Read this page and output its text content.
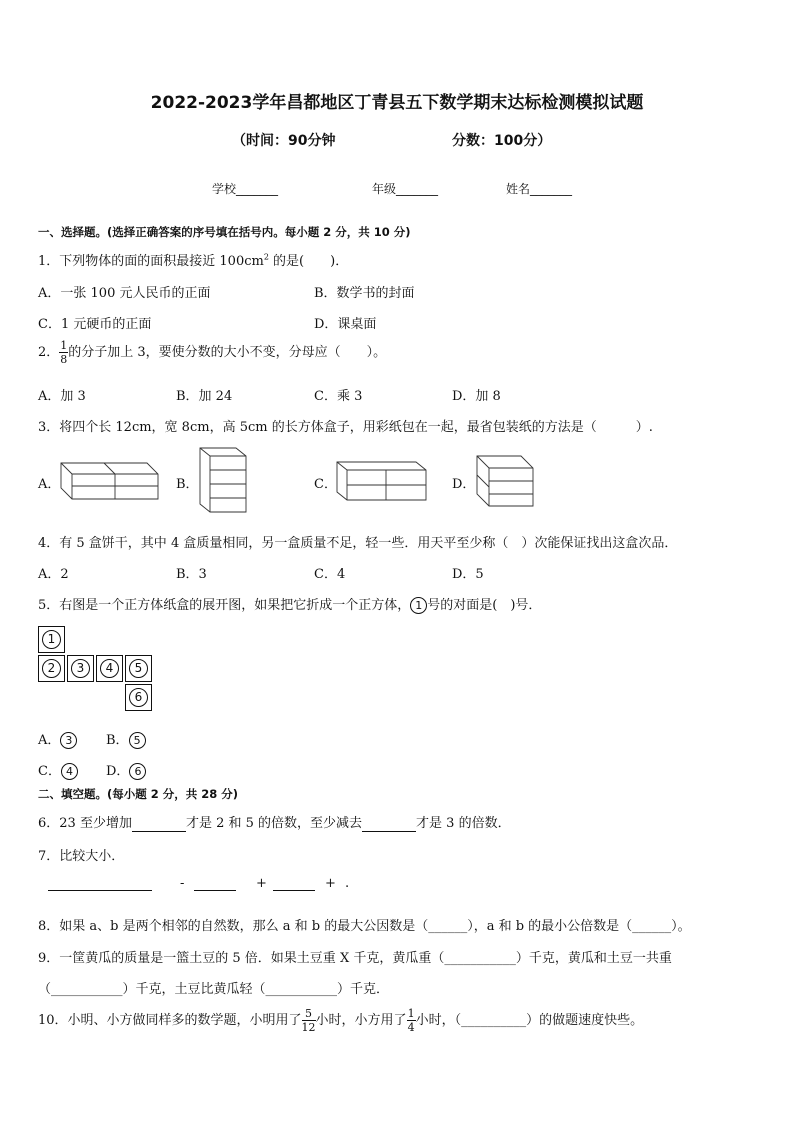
2022-2023学年昌都地区丁青县五下数学期末达标检测模拟试题
（时间：90分钟	分数：100分）
学校_______	年级_______	姓名_______
一、选择题。(选择正确答案的序号填在括号内。每小题 2 分，共 10 分)
1．下列物体的面的面积最接近 $100cm^2$ 的是(　　)．
A．一张 100 元人民币的正面	B．数学书的封面
C．1 元硬币的正面	D．课桌面
2． $\frac{1}{8}$ 的分子加上 3，要使分数的大小不变，分母应（　　）。
A．加 3	B．加 24	C．乘 3	D．加 8
3．将四个长 12cm，宽 8cm，高 5cm 的长方体盒子，用彩纸包在一起，最省包装纸的方法是（　　　）.
A．	B．	C．	D．
4．有 5 盒饼干，其中 4 盒质量相同，另一盒质量不足，轻一些．用天平至少称（　）次能保证找出这盒次品．
A．2	B．3	C．4	D．5
5．右图是一个正方体纸盒的展开图，如果把它折成一个正方体， 1 号的对面是(　)号．
1
2	3	4	5
6
A． 3	B． 5
C． 4	D． 6
二、填空题。(每小题 2 分，共 28 分)
6．23 至少增加	才是 2 和 5 的倍数，至少减去	才是 3 的倍数．
7．比较大小．
-	+	+ .
8．如果 a、b 是两个相邻的自然数，那么 a 和 b 的最大公因数是（______），a 和 b 的最小公倍数是（______）。
9．一筐黄瓜的质量是一篮土豆的 5 倍．如果土豆重 X 千克，黄瓜重（___________）千克，黄瓜和土豆一共重
（___________）千克，土豆比黄瓜轻（___________）千克．
10．小明、小方做同样多的数学题，小明用了 $\frac{5}{12}$ 小时，小方用了 $\frac{1}{4}$ 小时，（__________）的做题速度快些。
